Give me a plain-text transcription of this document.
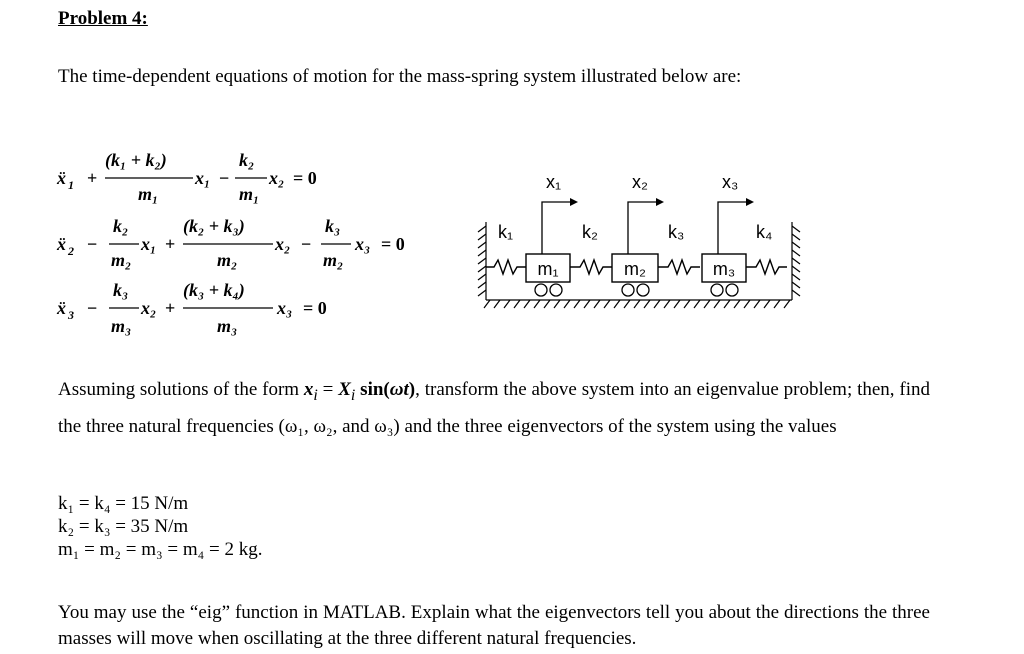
Problem 4:
The time-dependent equations of motion for the mass-spring system illustrated below are:
ẍ 1 +
(k₁ + k₂)
m₁
x₁ −
k₂
m₁
x₂ = 0
ẍ 2 −
k₂
m₂
x₁ +
(k₂ + k₃)
m₂
x₂ −
k₃
m₂
x₃ = 0
ẍ 3 −
k₃
m₃
x₂ +
(k₃ + k₄)
m₃
x₃ = 0
m₁	m₂	m₃
k₁	k₂	k₃	k₄
x₁	x₂	x₃
Assuming solutions of the form $x_i = X_i$ sin(ωt), transform the above system into an eigenvalue problem; then, find the three natural frequencies (ω₁, ω₂, and ω₃) and the three eigenvectors of the system using the values
k₁ = k₄ = 15 N/m
k₂ = k₃ = 35 N/m
m₁ = m₂ = m₃ = m₄ = 2 kg.
You may use the “eig” function in MATLAB. Explain what the eigenvectors tell you about the directions the three masses will move when oscillating at the three different natural frequencies.
